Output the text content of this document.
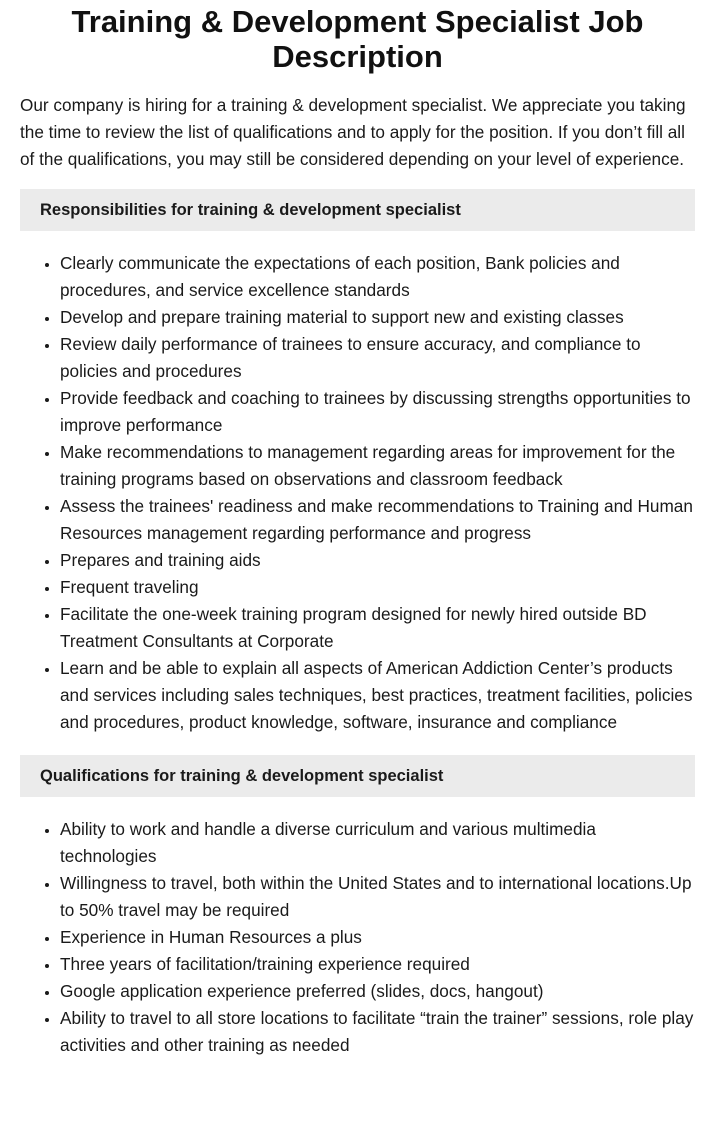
Training & Development Specialist Job Description

Our company is hiring for a training & development specialist. We appreciate you taking the time to review the list of qualifications and to apply for the position. If you don’t fill all of the qualifications, you may still be considered depending on your level of experience.

Responsibilities for training & development specialist
• Clearly communicate the expectations of each position, Bank policies and procedures, and service excellence standards
• Develop and prepare training material to support new and existing classes
• Review daily performance of trainees to ensure accuracy, and compliance to policies and procedures
• Provide feedback and coaching to trainees by discussing strengths opportunities to improve performance
• Make recommendations to management regarding areas for improvement for the training programs based on observations and classroom feedback
• Assess the trainees' readiness and make recommendations to Training and Human Resources management regarding performance and progress
• Prepares and training aids
• Frequent traveling
• Facilitate the one-week training program designed for newly hired outside BD Treatment Consultants at Corporate
• Learn and be able to explain all aspects of American Addiction Center’s products and services including sales techniques, best practices, treatment facilities, policies and procedures, product knowledge, software, insurance and compliance
Qualifications for training & development specialist
• Ability to work and handle a diverse curriculum and various multimedia technologies
• Willingness to travel, both within the United States and to international locations.Up to 50% travel may be required
• Experience in Human Resources a plus
• Three years of facilitation/training experience required
• Google application experience preferred (slides, docs, hangout)
• Ability to travel to all store locations to facilitate “train the trainer” sessions, role play activities and other training as needed
